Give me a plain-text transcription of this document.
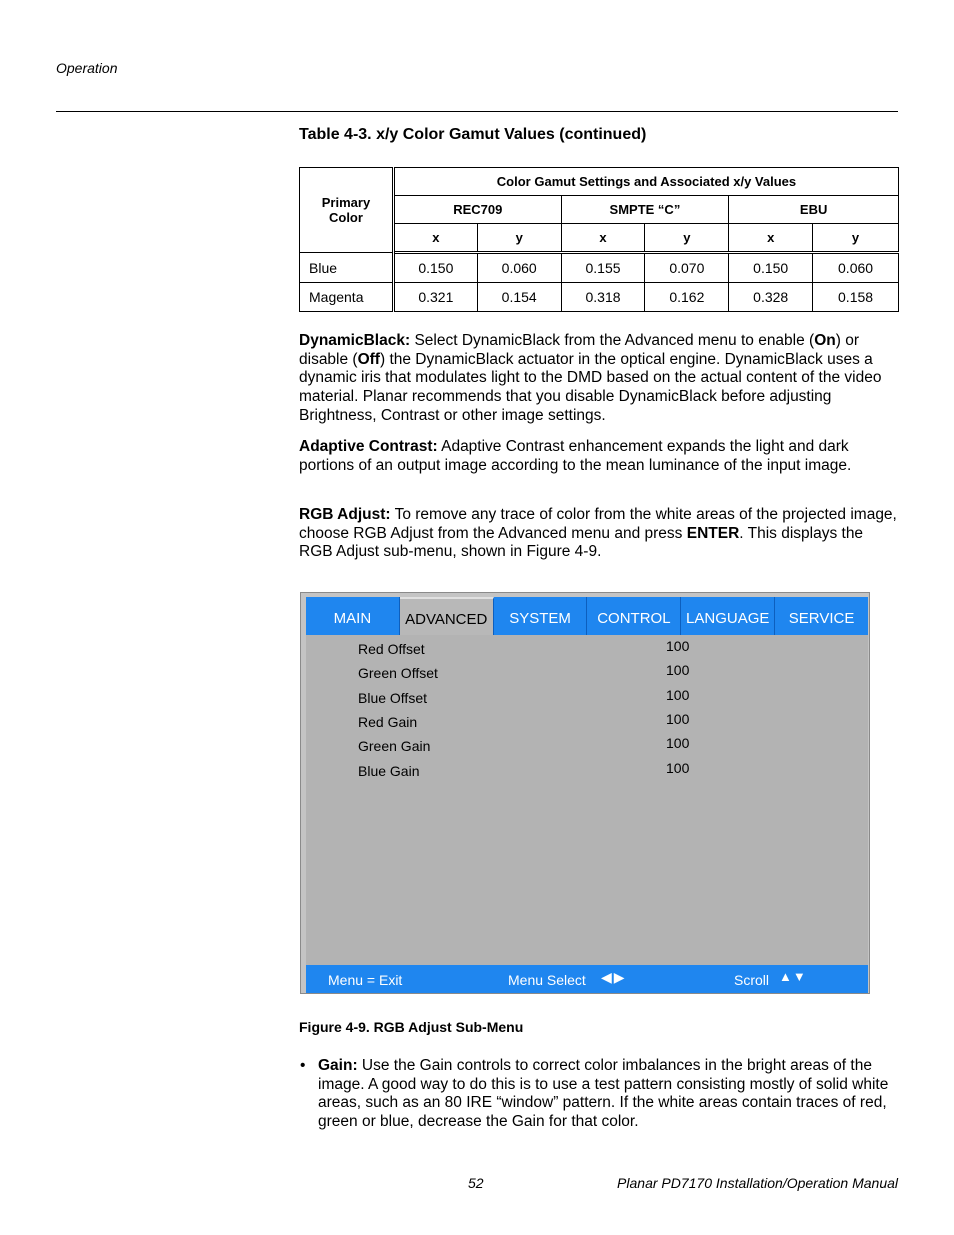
Operation
Table 4-3. x/y Color Gamut Values (continued)
Primary Color	Color Gamut Settings and Associated x/y Values					
	REC709		SMPTE “C”		EBU	
	x	y	x	y	x	y
Blue	0.150	0.060	0.155	0.070	0.150	0.060
Magenta	0.321	0.154	0.318	0.162	0.328	0.158
DynamicBlack: Select DynamicBlack from the Advanced menu to enable (On) or disable (Off) the DynamicBlack actuator in the optical engine. DynamicBlack uses a dynamic iris that modulates light to the DMD based on the actual content of the video material. Planar recommends that you disable DynamicBlack before adjusting Brightness, Contrast or other image settings.
Adaptive Contrast: Adaptive Contrast enhancement expands the light and dark portions of an output image according to the mean luminance of the input image.
RGB Adjust: To remove any trace of color from the white areas of the projected image, choose RGB Adjust from the Advanced menu and press ENTER. This displays the RGB Adjust sub-menu, shown in Figure 4-9.
MAIN	ADVANCED	SYSTEM	CONTROL	LANGUAGE	SERVICE
Red Offset	100
Green Offset	100
Blue Offset	100
Red Gain	100
Green Gain	100
Blue Gain	100
Menu = Exit	Menu Select ◀▶	Scroll ▲▼
Figure 4-9. RGB Adjust Sub-Menu
• Gain: Use the Gain controls to correct color imbalances in the bright areas of the image. A good way to do this is to use a test pattern consisting mostly of solid white areas, such as an 80 IRE “window” pattern. If the white areas contain traces of red, green or blue, decrease the Gain for that color.
52	Planar PD7170 Installation/Operation Manual
